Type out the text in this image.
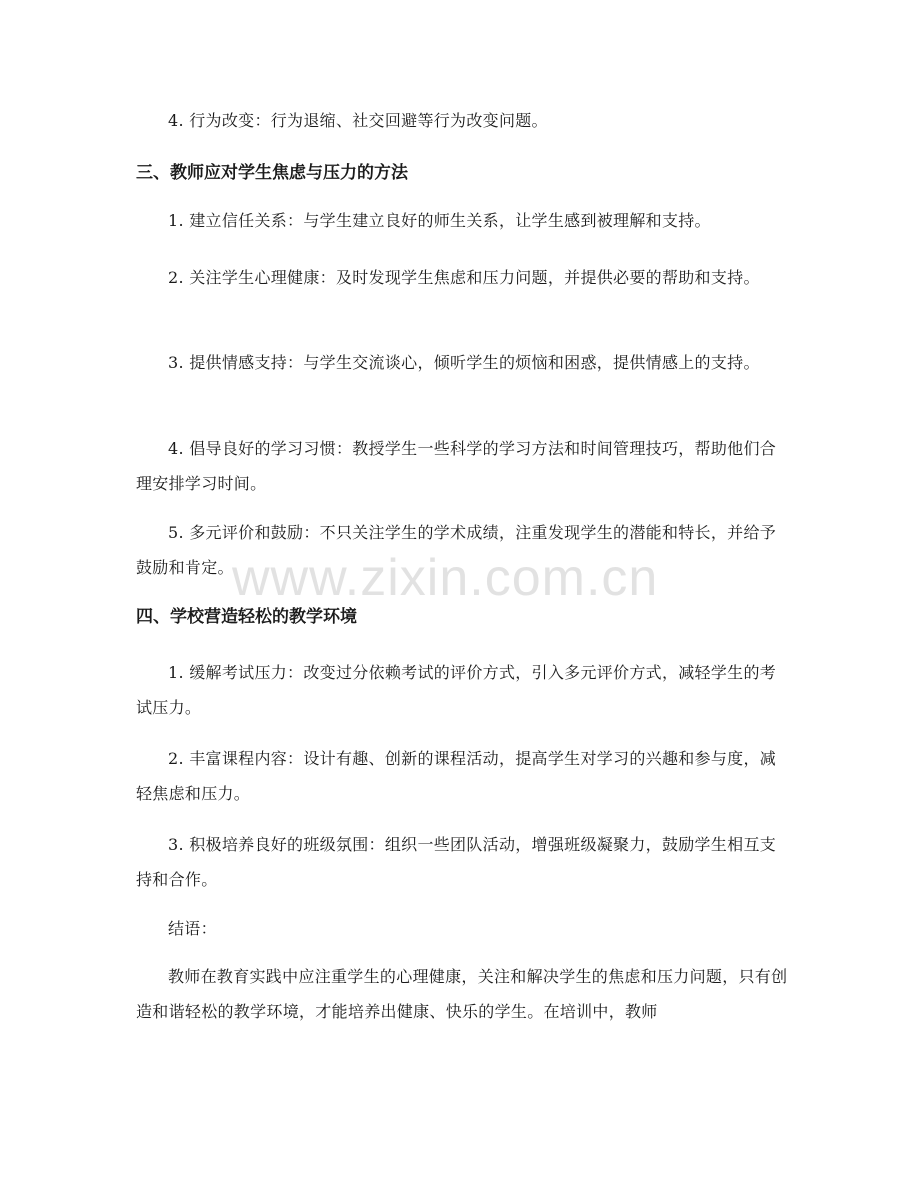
4. 行为改变：行为退缩、社交回避等行为改变问题。

三、教师应对学生焦虑与压力的方法

1. 建立信任关系：与学生建立良好的师生关系，让学生感到被理解和支持。

2. 关注学生心理健康：及时发现学生焦虑和压力问题，并提供必要的帮助和支持。

3. 提供情感支持：与学生交流谈心，倾听学生的烦恼和困惑，提供情感上的支持。

4. 倡导良好的学习习惯：教授学生一些科学的学习方法和时间管理技巧，帮助他们合理安排学习时间。

5. 多元评价和鼓励：不只关注学生的学术成绩，注重发现学生的潜能和特长，并给予鼓励和肯定。

四、学校营造轻松的教学环境

1. 缓解考试压力：改变过分依赖考试的评价方式，引入多元评价方式，减轻学生的考试压力。

2. 丰富课程内容：设计有趣、创新的课程活动，提高学生对学习的兴趣和参与度，减轻焦虑和压力。

3. 积极培养良好的班级氛围：组织一些团队活动，增强班级凝聚力，鼓励学生相互支持和合作。

结语：

教师在教育实践中应注重学生的心理健康，关注和解决学生的焦虑和压力问题，只有创造和谐轻松的教学环境，才能培养出健康、快乐的学生。在培训中，教师

www.zixin.com.cn
